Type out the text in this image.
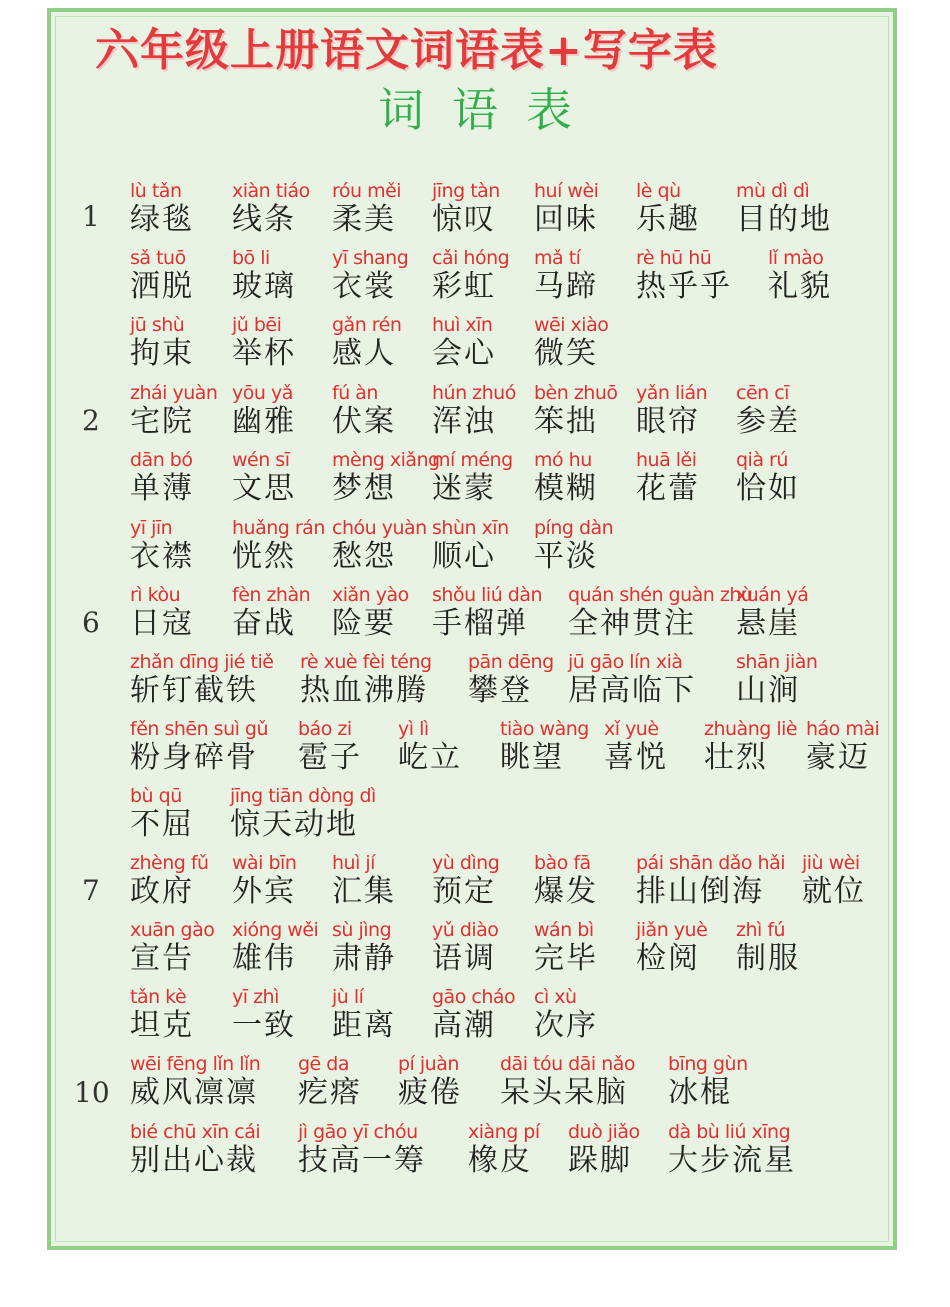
六年级上册语文词语表+写字表
词语表
1
lù tǎn
绿毯
xiàn tiáo
线条
róu měi
柔美
jīng tàn
惊叹
huí wèi
回味
lè qù
乐趣
mù dì dì
目的地
sǎ tuō
洒脱
bō li
玻璃
yī shang
衣裳
cǎi hóng
彩虹
mǎ tí
马蹄
rè hū hū
热乎乎
lǐ mào
礼貌
jū shù
拘束
jǔ bēi
举杯
gǎn rén
感人
huì xīn
会心
wēi xiào
微笑
2
zhái yuàn
宅院
yōu yǎ
幽雅
fú àn
伏案
hún zhuó
浑浊
bèn zhuō
笨拙
yǎn lián
眼帘
cēn cī
参差
dān bó
单薄
wén sī
文思
mèng xiǎng
梦想
mí méng
迷蒙
mó hu
模糊
huā lěi
花蕾
qià rú
恰如
yī jīn
衣襟
huǎng rán
恍然
chóu yuàn
愁怨
shùn xīn
顺心
píng dàn
平淡
6
rì kòu
日寇
fèn zhàn
奋战
xiǎn yào
险要
shǒu liú dàn
手榴弹
quán shén guàn zhù
全神贯注
xuán yá
悬崖
zhǎn dīng jié tiě
斩钉截铁
rè xuè fèi téng
热血沸腾
pān dēng
攀登
jū gāo lín xià
居高临下
shān jiàn
山涧
fěn shēn suì gǔ
粉身碎骨
báo zi
雹子
yì lì
屹立
tiào wàng
眺望
xǐ yuè
喜悦
zhuàng liè
壮烈
háo mài
豪迈
bù qū
不屈
jīng tiān dòng dì
惊天动地
7
zhèng fǔ
政府
wài bīn
外宾
huì jí
汇集
yù dìng
预定
bào fā
爆发
pái shān dǎo hǎi
排山倒海
jiù wèi
就位
xuān gào
宣告
xióng wěi
雄伟
sù jìng
肃静
yǔ diào
语调
wán bì
完毕
jiǎn yuè
检阅
zhì fú
制服
tǎn kè
坦克
yī zhì
一致
jù lí
距离
gāo cháo
高潮
cì xù
次序
10
wēi fēng lǐn lǐn
威风凛凛
gē da
疙瘩
pí juàn
疲倦
dāi tóu dāi nǎo
呆头呆脑
bīng gùn
冰棍
bié chū xīn cái
别出心裁
jì gāo yī chóu
技高一筹
xiàng pí
橡皮
duò jiǎo
跺脚
dà bù liú xīng
大步流星
